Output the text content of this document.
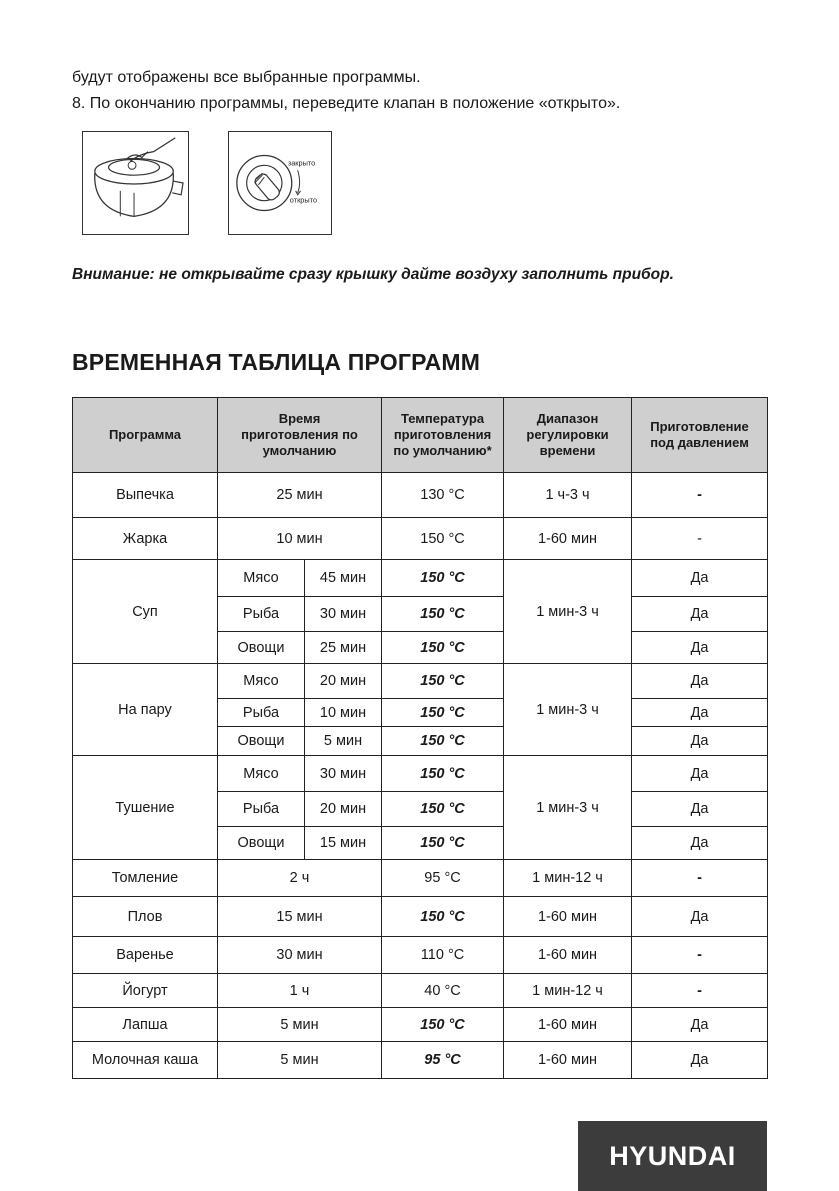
будут отображены все выбранные программы.

8. По окончанию программы, переведите клапан в положение «открыто».

закрыто
открыто

Внимание: не открывайте сразу крышку дайте воздуху заполнить прибор.

ВРЕМЕННАЯ ТАБЛИЦА ПРОГРАММ
Программа	Время приготовления по умолчанию		Температура приготовления по умолчанию*	Диапазон регулировки времени	Приготовление под давлением
Выпечка	25 мин		130 °C	1 ч-3 ч	-
Жарка	10 мин		150 °C	1-60 мин	-
Суп	Мясо	45 мин	150 °C	1 мин-3 ч	Да
	Рыба	30 мин	150 °C		Да
	Овощи	25 мин	150 °C		Да
На пару	Мясо	20 мин	150 °C	1 мин-3 ч	Да
	Рыба	10 мин	150 °C		Да
	Овощи	5 мин	150 °C		Да
Тушение	Мясо	30 мин	150 °C	1 мин-3 ч	Да
	Рыба	20 мин	150 °C		Да
	Овощи	15 мин	150 °C		Да
Томление	2 ч		95 °C	1 мин-12 ч	-
Плов	15 мин		150 °C	1-60 мин	Да
Варенье	30 мин		110 °C	1-60 мин	-
Йогурт	1 ч		40 °C	1 мин-12 ч	-
Лапша	5 мин		150 °C	1-60 мин	Да
Молочная каша	5 мин		95 °C	1-60 мин	Да
HYUNDAI
